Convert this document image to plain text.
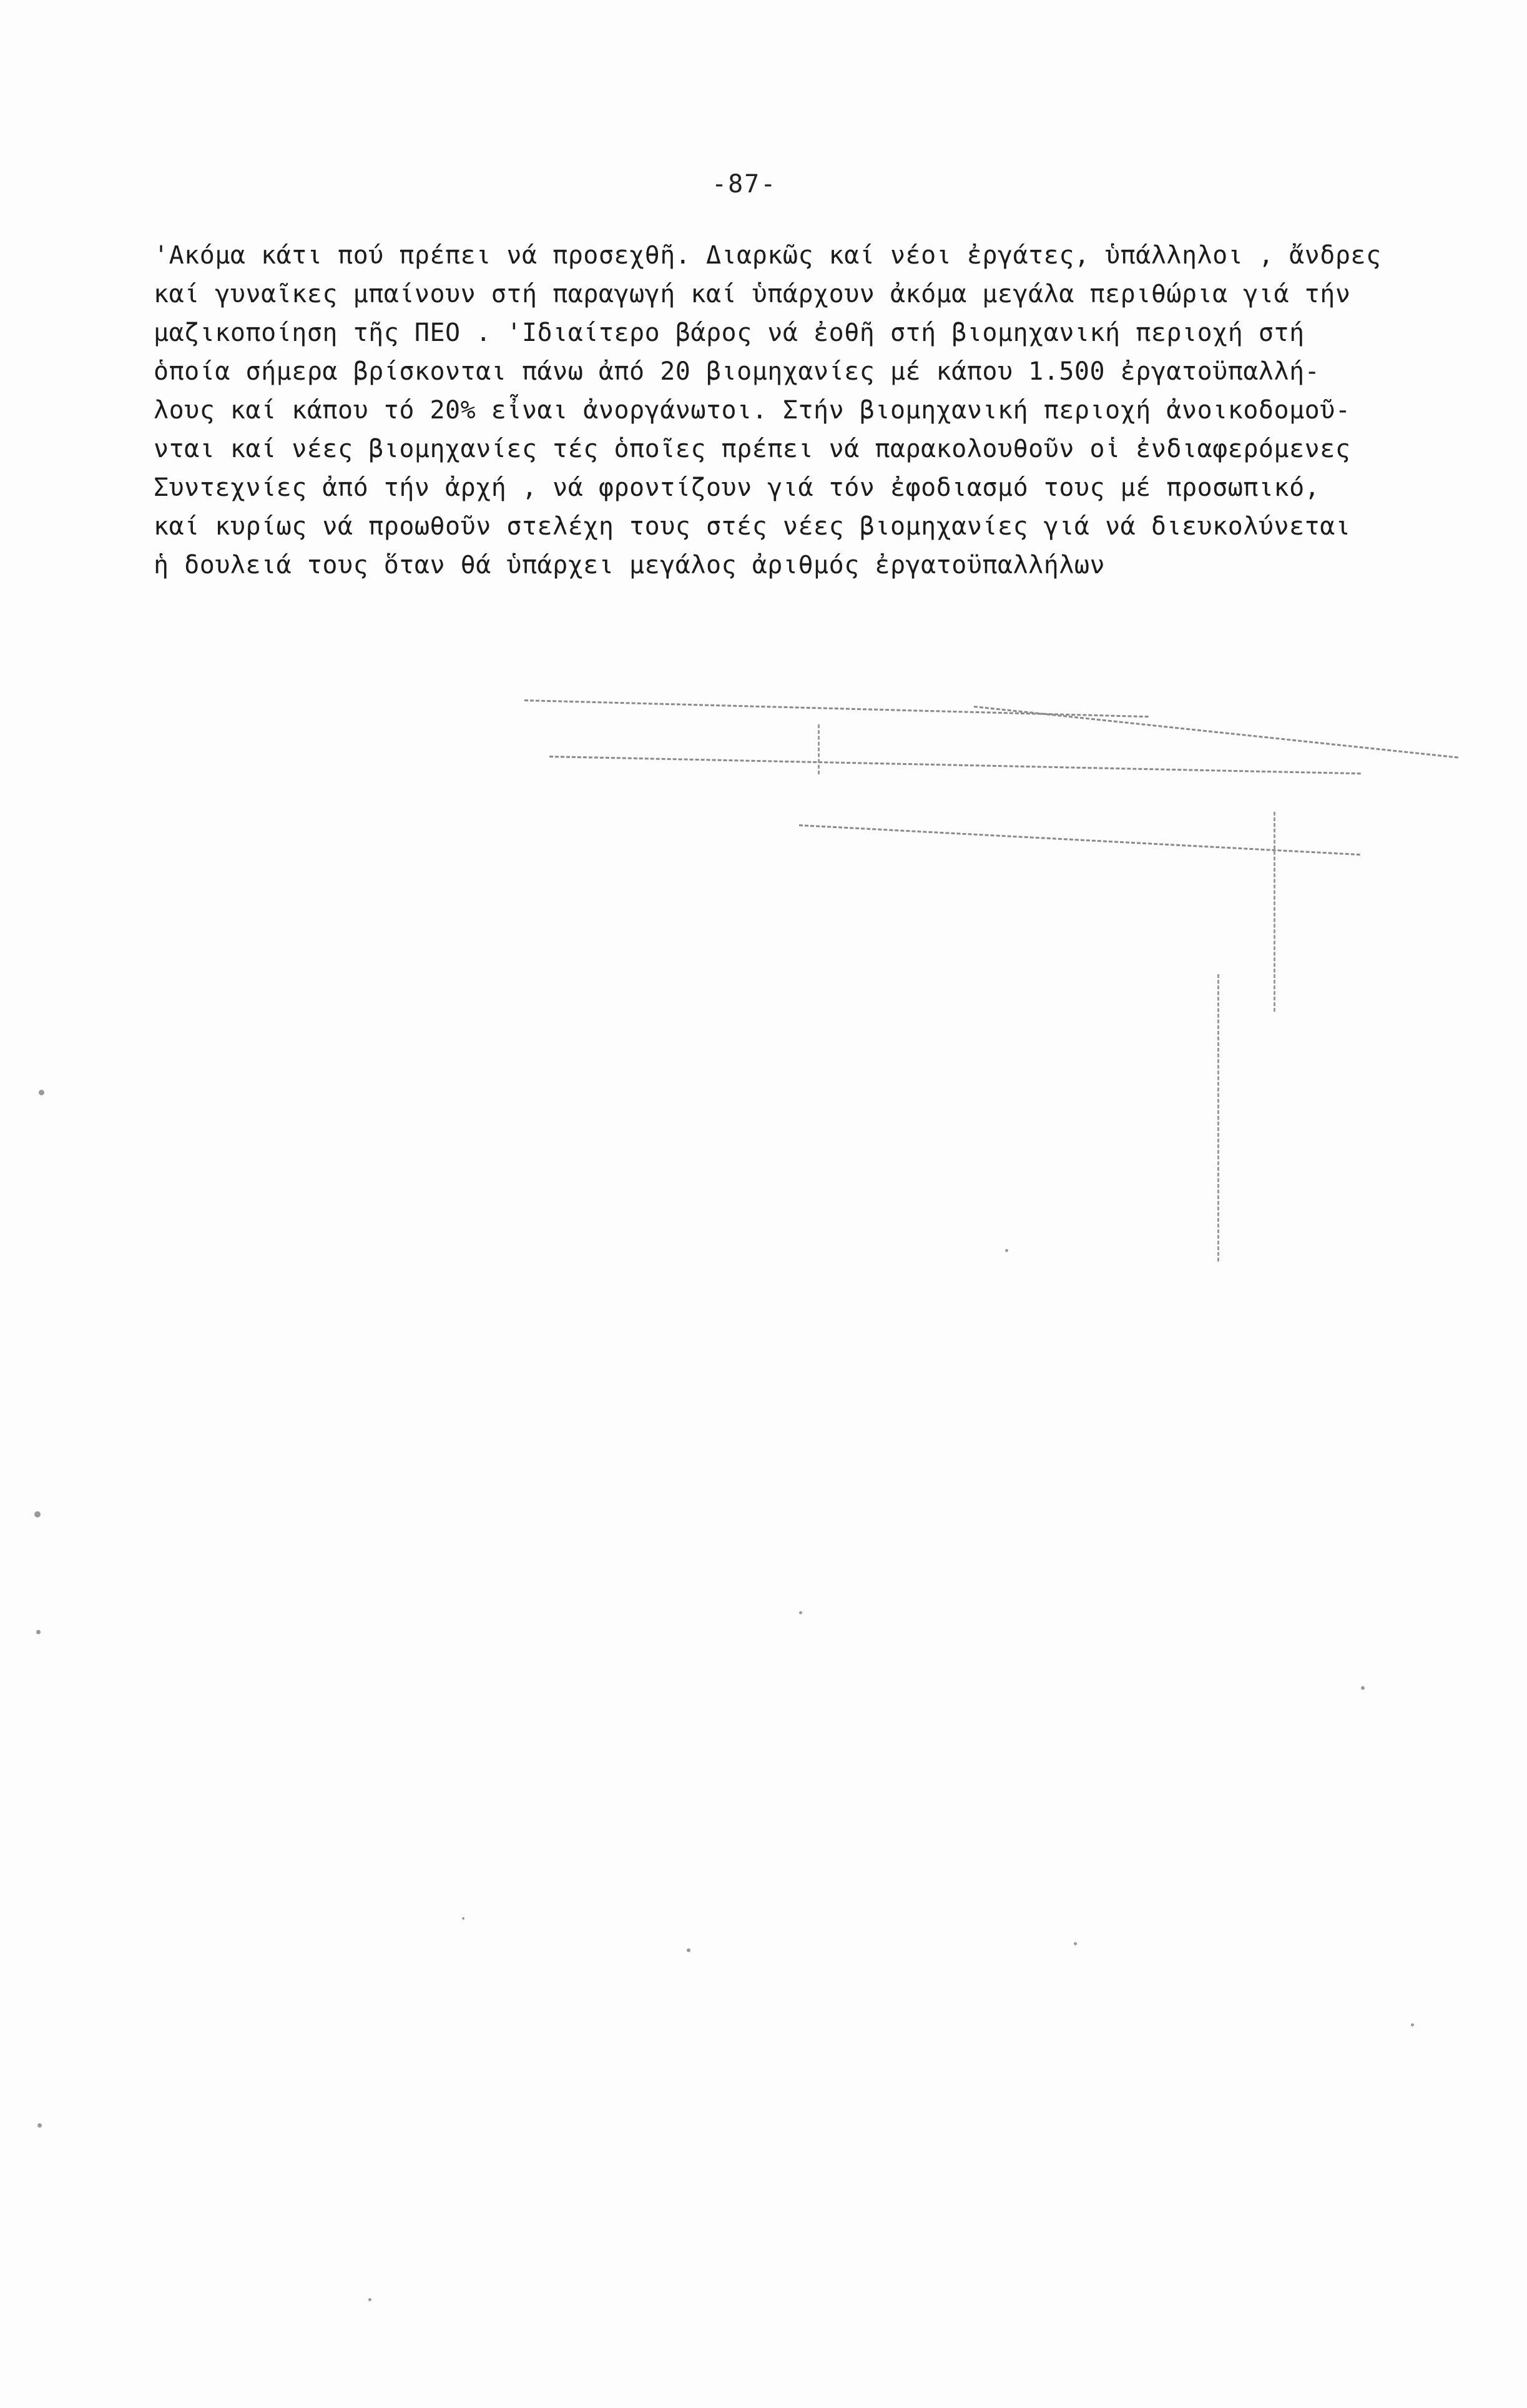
-87-
'Ακόμα κάτι πού πρέπει νά προσεχθῆ. Διαρκῶς καί νέοι ἐργάτες, ὑπάλληλοι , ἄνδρες
καί γυναῖκες μπαίνουν στή παραγωγή καί ὑπάρχουν ἀκόμα μεγάλα περιθώρια γιά τήν
μαζικοποίηση τῆς ΠΕΟ . 'Ιδιαίτερο βάρος νά ἐοθῆ στή βιομηχανική περιοχή στή
ὁποία σήμερα βρίσκονται πάνω ἀπό 20 βιομηχανίες μέ κάπου 1.500 ἐργατοϋπαλλή-
λους καί κάπου τό 20% εἶναι ἀνοργάνωτοι. Στήν βιομηχανική περιοχή ἀνοικοδομοῦ-
νται καί νέες βιομηχανίες τές ὁποῖες πρέπει νά παρακολουθοῦν οἱ ἐνδιαφερόμενες
Συντεχνίες ἀπό τήν ἀρχή , νά φροντίζουν γιά τόν ἐφοδιασμό τους μέ προσωπικό,
καί κυρίως νά προωθοῦν στελέχη τους στές νέες βιομηχανίες γιά νά διευκολύνεται
ἡ δουλειά τους ὅταν θά ὑπάρχει μεγάλος ἀριθμός ἐργατοϋπαλλήλων
